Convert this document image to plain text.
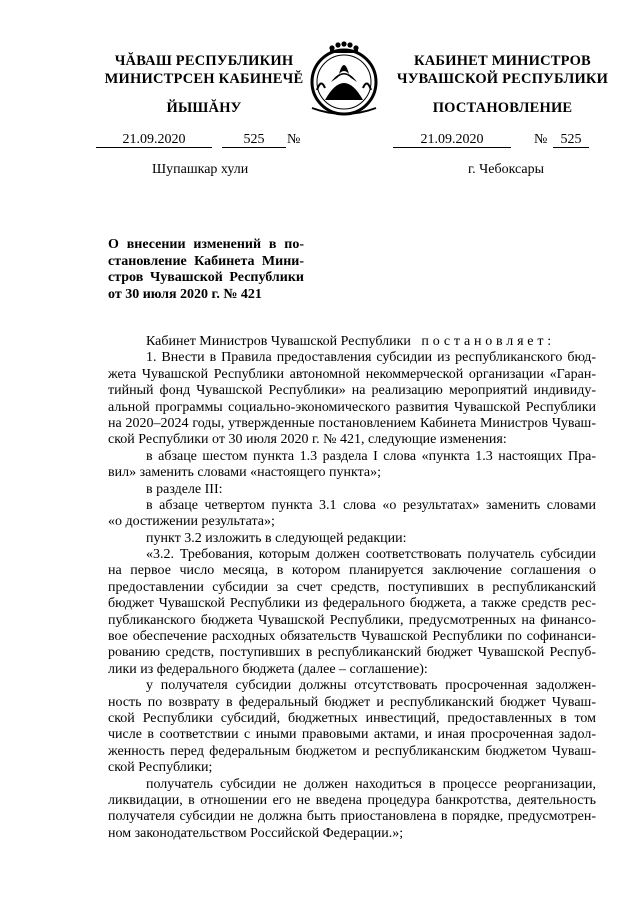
ЧĂВАШ РЕСПУБЛИКИН
МИНИСТРСЕН КАБИНЕЧĔ
ЙЫШĂНУ
КАБИНЕТ МИНИСТРОВ
ЧУВАШСКОЙ РЕСПУБЛИКИ
ПОСТАНОВЛЕНИЕ
21.09.2020	525	№	21.09.2020	№ 525
Шупашкар хули	г. Чебоксары
О внесении изменений в по-
становление Кабинета Мини-
стров Чувашской Республики
от 30 июля 2020 г. № 421
Кабинет Министров Чувашской Республики постановляет:
1. Внести в Правила предоставления субсидии из республиканского бюд-
жета Чувашской Республики автономной некоммерческой организации «Гаран-
тийный фонд Чувашской Республики» на реализацию мероприятий индивиду-
альной программы социально-экономического развития Чувашской Республики
на 2020–2024 годы, утвержденные постановлением Кабинета Министров Чуваш-
ской Республики от 30 июля 2020 г. № 421, следующие изменения:
в абзаце шестом пункта 1.3 раздела I слова «пункта 1.3 настоящих Пра-
вил» заменить словами «настоящего пункта»;
в разделе III:
в абзаце четвертом пункта 3.1 слова «о результатах» заменить словами
«о достижении результата»;
пункт 3.2 изложить в следующей редакции:
«3.2. Требования, которым должен соответствовать получатель субсидии
на первое число месяца, в котором планируется заключение соглашения о
предоставлении субсидии за счет средств, поступивших в республиканский
бюджет Чувашской Республики из федерального бюджета, а также средств рес-
публиканского бюджета Чувашской Республики, предусмотренных на финансо-
вое обеспечение расходных обязательств Чувашской Республики по софинанси-
рованию средств, поступивших в республиканский бюджет Чувашской Респуб-
лики из федерального бюджета (далее – соглашение):
у получателя субсидии должны отсутствовать просроченная задолжен-
ность по возврату в федеральный бюджет и республиканский бюджет Чуваш-
ской Республики субсидий, бюджетных инвестиций, предоставленных в том
числе в соответствии с иными правовыми актами, и иная просроченная задол-
женность перед федеральным бюджетом и республиканским бюджетом Чуваш-
ской Республики;
получатель субсидии не должен находиться в процессе реорганизации,
ликвидации, в отношении его не введена процедура банкротства, деятельность
получателя субсидии не должна быть приостановлена в порядке, предусмотрен-
ном законодательством Российской Федерации.»;
